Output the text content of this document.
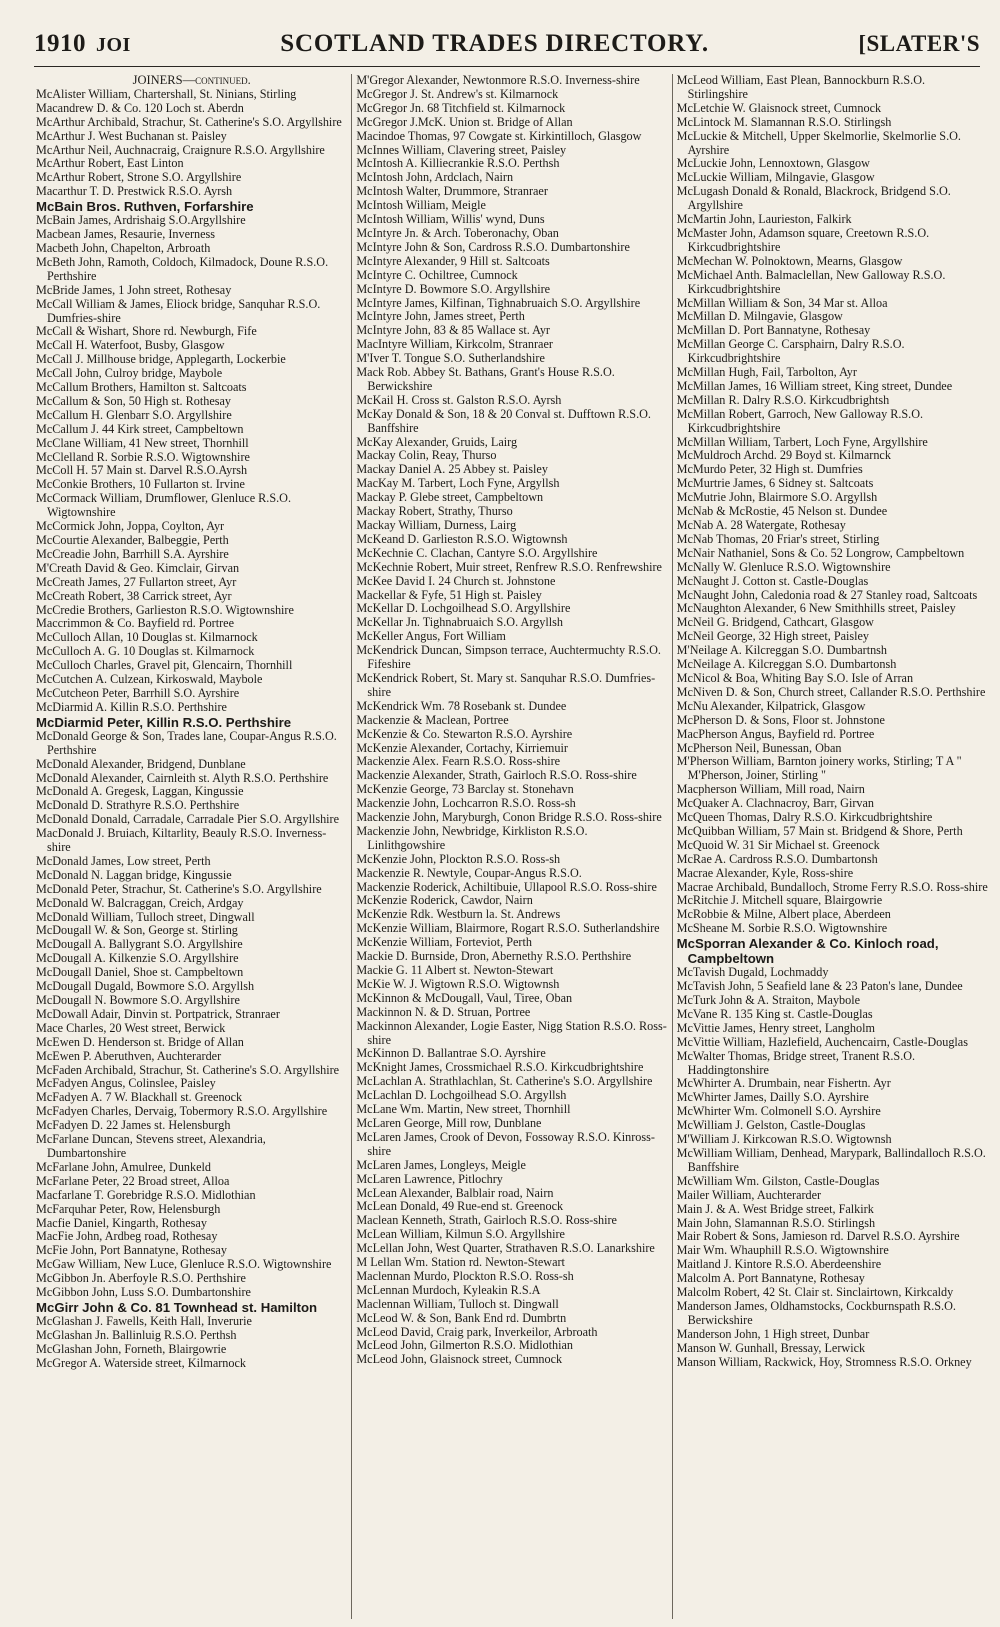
1910 JOI	SCOTLAND TRADES DIRECTORY.	[SLATER'S
JOINERS—continued.
McAlister William, Chartershall, St. Ninians, Stirling
Macandrew D. & Co. 120 Loch st. Aberdn
McArthur Archibald, Strachur, St. Catherine's S.O. Argyllshire
McArthur J. West Buchanan st. Paisley
McArthur Neil, Auchnacraig, Craignure R.S.O. Argyllshire
McArthur Robert, East Linton
McArthur Robert, Strone S.O. Argyllshire
Macarthur T. D. Prestwick R.S.O. Ayrsh
McBain Bros. Ruthven, Forfarshire
McBain James, Ardrishaig S.O.Argyllshire
Macbean James, Resaurie, Inverness
Macbeth John, Chapelton, Arbroath
McBeth John, Ramoth, Coldoch, Kilmadock, Doune R.S.O. Perthshire
McBride James, 1 John street, Rothesay
McCall William & James, Eliock bridge, Sanquhar R.S.O. Dumfries-shire
McCall & Wishart, Shore rd. Newburgh, Fife
McCall H. Waterfoot, Busby, Glasgow
McCall J. Millhouse bridge, Applegarth, Lockerbie
McCall John, Culroy bridge, Maybole
McCallum Brothers, Hamilton st. Saltcoats
McCallum & Son, 50 High st. Rothesay
McCallum H. Glenbarr S.O. Argyllshire
McCallum J. 44 Kirk street, Campbeltown
McClane William, 41 New street, Thornhill
McClelland R. Sorbie R.S.O. Wigtownshire
McColl H. 57 Main st. Darvel R.S.O.Ayrsh
McConkie Brothers, 10 Fullarton st. Irvine
McCormack William, Drumflower, Glenluce R.S.O. Wigtownshire
McCormick John, Joppa, Coylton, Ayr
McCourtie Alexander, Balbeggie, Perth
McCreadie John, Barrhill S.A. Ayrshire
M'Creath David & Geo. Kimclair, Girvan
McCreath James, 27 Fullarton street, Ayr
McCreath Robert, 38 Carrick street, Ayr
McCredie Brothers, Garlieston R.S.O. Wigtownshire
Maccrimmon & Co. Bayfield rd. Portree
McCulloch Allan, 10 Douglas st. Kilmarnock
McCulloch A. G. 10 Douglas st. Kilmarnock
McCulloch Charles, Gravel pit, Glencairn, Thornhill
McCutchen A. Culzean, Kirkoswald, Maybole
McCutcheon Peter, Barrhill S.O. Ayrshire
McDiarmid A. Killin R.S.O. Perthshire
McDiarmid Peter, Killin R.S.O. Perthshire
McDonald George & Son, Trades lane, Coupar-Angus R.S.O. Perthshire
McDonald Alexander, Bridgend, Dunblane
McDonald Alexander, Cairnleith st. Alyth R.S.O. Perthshire
McDonald A. Gregesk, Laggan, Kingussie
McDonald D. Strathyre R.S.O. Perthshire
McDonald Donald, Carradale, Carradale Pier S.O. Argyllshire
MacDonald J. Bruiach, Kiltarlity, Beauly R.S.O. Inverness-shire
McDonald James, Low street, Perth
McDonald N. Laggan bridge, Kingussie
McDonald Peter, Strachur, St. Catherine's S.O. Argyllshire
McDonald W. Balcraggan, Creich, Ardgay
McDonald William, Tulloch street, Dingwall
McDougall W. & Son, George st. Stirling
McDougall A. Ballygrant S.O. Argyllshire
McDougall A. Kilkenzie S.O. Argyllshire
McDougall Daniel, Shoe st. Campbeltown
McDougall Dugald, Bowmore S.O. Argyllsh
McDougall N. Bowmore S.O. Argyllshire
McDowall Adair, Dinvin st. Portpatrick, Stranraer
Mace Charles, 20 West street, Berwick
McEwen D. Henderson st. Bridge of Allan
McEwen P. Aberuthven, Auchterarder
McFaden Archibald, Strachur, St. Catherine's S.O. Argyllshire
McFadyen Angus, Colinslee, Paisley
McFadyen A. 7 W. Blackhall st. Greenock
McFadyen Charles, Dervaig, Tobermory R.S.O. Argyllshire
McFadyen D. 22 James st. Helensburgh
McFarlane Duncan, Stevens street, Alexandria, Dumbartonshire
McFarlane John, Amulree, Dunkeld
McFarlane Peter, 22 Broad street, Alloa
Macfarlane T. Gorebridge R.S.O. Midlothian
McFarquhar Peter, Row, Helensburgh
Macfie Daniel, Kingarth, Rothesay
MacFie John, Ardbeg road, Rothesay
McFie John, Port Bannatyne, Rothesay
McGaw William, New Luce, Glenluce R.S.O. Wigtownshire
McGibbon Jn. Aberfoyle R.S.O. Perthshire
McGibbon John, Luss S.O. Dumbartonshire
McGirr John & Co. 81 Townhead st. Hamilton
McGlashan J. Fawells, Keith Hall, Inverurie
McGlashan Jn. Ballinluig R.S.O. Perthsh
McGlashan John, Forneth, Blairgowrie
McGregor A. Waterside street, Kilmarnock
M'Gregor Alexander, Newtonmore R.S.O. Inverness-shire
McGregor J. St. Andrew's st. Kilmarnock
McGregor Jn. 68 Titchfield st. Kilmarnock
McGregor J.McK. Union st. Bridge of Allan
Macindoe Thomas, 97 Cowgate st. Kirkintilloch, Glasgow
McInnes William, Clavering street, Paisley
McIntosh A. Killiecrankie R.S.O. Perthsh
McIntosh John, Ardclach, Nairn
McIntosh Walter, Drummore, Stranraer
McIntosh William, Meigle
McIntosh William, Willis' wynd, Duns
McIntyre Jn. & Arch. Toberonachy, Oban
McIntyre John & Son, Cardross R.S.O. Dumbartonshire
McIntyre Alexander, 9 Hill st. Saltcoats
McIntyre C. Ochiltree, Cumnock
McIntyre D. Bowmore S.O. Argyllshire
McIntyre James, Kilfinan, Tighnabruaich S.O. Argyllshire
McIntyre John, James street, Perth
McIntyre John, 83 & 85 Wallace st. Ayr
MacIntyre William, Kirkcolm, Stranraer
M'Iver T. Tongue S.O. Sutherlandshire
Mack Rob. Abbey St. Bathans, Grant's House R.S.O. Berwickshire
McKail H. Cross st. Galston R.S.O. Ayrsh
McKay Donald & Son, 18 & 20 Conval st. Dufftown R.S.O. Banffshire
McKay Alexander, Gruids, Lairg
Mackay Colin, Reay, Thurso
Mackay Daniel A. 25 Abbey st. Paisley
MacKay M. Tarbert, Loch Fyne, Argyllsh
Mackay P. Glebe street, Campbeltown
Mackay Robert, Strathy, Thurso
Mackay William, Durness, Lairg
McKeand D. Garlieston R.S.O. Wigtownsh
McKechnie C. Clachan, Cantyre S.O. Argyllshire
McKechnie Robert, Muir street, Renfrew R.S.O. Renfrewshire
McKee David I. 24 Church st. Johnstone
Mackellar & Fyfe, 51 High st. Paisley
McKellar D. Lochgoilhead S.O. Argyllshire
McKellar Jn. Tighnabruaich S.O. Argyllsh
McKeller Angus, Fort William
McKendrick Duncan, Simpson terrace, Auchtermuchty R.S.O. Fifeshire
McKendrick Robert, St. Mary st. Sanquhar R.S.O. Dumfries-shire
McKendrick Wm. 78 Rosebank st. Dundee
Mackenzie & Maclean, Portree
McKenzie & Co. Stewarton R.S.O. Ayrshire
McKenzie Alexander, Cortachy, Kirriemuir
Mackenzie Alex. Fearn R.S.O. Ross-shire
Mackenzie Alexander, Strath, Gairloch R.S.O. Ross-shire
McKenzie George, 73 Barclay st. Stonehavn
Mackenzie John, Lochcarron R.S.O. Ross-sh
Mackenzie John, Maryburgh, Conon Bridge R.S.O. Ross-shire
Mackenzie John, Newbridge, Kirkliston R.S.O. Linlithgowshire
McKenzie John, Plockton R.S.O. Ross-sh
Mackenzie R. Newtyle, Coupar-Angus R.S.O.
Mackenzie Roderick, Achiltibuie, Ullapool R.S.O. Ross-shire
McKenzie Roderick, Cawdor, Nairn
McKenzie Rdk. Westburn la. St. Andrews
McKenzie William, Blairmore, Rogart R.S.O. Sutherlandshire
McKenzie William, Forteviot, Perth
Mackie D. Burnside, Dron, Abernethy R.S.O. Perthshire
Mackie G. 11 Albert st. Newton-Stewart
McKie W. J. Wigtown R.S.O. Wigtownsh
McKinnon & McDougall, Vaul, Tiree, Oban
Mackinnon N. & D. Struan, Portree
Mackinnon Alexander, Logie Easter, Nigg Station R.S.O. Ross-shire
McKinnon D. Ballantrae S.O. Ayrshire
McKnight James, Crossmichael R.S.O. Kirkcudbrightshire
McLachlan A. Strathlachlan, St. Catherine's S.O. Argyllshire
McLachlan D. Lochgoilhead S.O. Argyllsh
McLane Wm. Martin, New street, Thornhill
McLaren George, Mill row, Dunblane
McLaren James, Crook of Devon, Fossoway R.S.O. Kinross-shire
McLaren James, Longleys, Meigle
McLaren Lawrence, Pitlochry
McLean Alexander, Balblair road, Nairn
McLean Donald, 49 Rue-end st. Greenock
Maclean Kenneth, Strath, Gairloch R.S.O. Ross-shire
McLean William, Kilmun S.O. Argyllshire
McLellan John, West Quarter, Strathaven R.S.O. Lanarkshire
M Lellan Wm. Station rd. Newton-Stewart
Maclennan Murdo, Plockton R.S.O. Ross-sh
McLennan Murdoch, Kyleakin R.S.A
Maclennan William, Tulloch st. Dingwall
McLeod W. & Son, Bank End rd. Dumbrtn
McLeod David, Craig park, Inverkeilor, Arbroath
McLeod John, Gilmerton R.S.O. Midlothian
McLeod John, Glaisnock street, Cumnock
McLeod William, East Plean, Bannockburn R.S.O. Stirlingshire
McLetchie W. Glaisnock street, Cumnock
McLintock M. Slamannan R.S.O. Stirlingsh
McLuckie & Mitchell, Upper Skelmorlie, Skelmorlie S.O. Ayrshire
McLuckie John, Lennoxtown, Glasgow
McLuckie William, Milngavie, Glasgow
McLugash Donald & Ronald, Blackrock, Bridgend S.O. Argyllshire
McMartin John, Laurieston, Falkirk
McMaster John, Adamson square, Creetown R.S.O. Kirkcudbrightshire
McMechan W. Polnoktown, Mearns, Glasgow
McMichael Anth. Balmaclellan, New Galloway R.S.O. Kirkcudbrightshire
McMillan William & Son, 34 Mar st. Alloa
McMillan D. Milngavie, Glasgow
McMillan D. Port Bannatyne, Rothesay
McMillan George C. Carsphairn, Dalry R.S.O. Kirkcudbrightshire
McMillan Hugh, Fail, Tarbolton, Ayr
McMillan James, 16 William street, King street, Dundee
McMillan R. Dalry R.S.O. Kirkcudbrightsh
McMillan Robert, Garroch, New Galloway R.S.O. Kirkcudbrightshire
McMillan William, Tarbert, Loch Fyne, Argyllshire
McMuldroch Archd. 29 Boyd st. Kilmarnck
McMurdo Peter, 32 High st. Dumfries
McMurtrie James, 6 Sidney st. Saltcoats
McMutrie John, Blairmore S.O. Argyllsh
McNab & McRostie, 45 Nelson st. Dundee
McNab A. 28 Watergate, Rothesay
McNab Thomas, 20 Friar's street, Stirling
McNair Nathaniel, Sons & Co. 52 Longrow, Campbeltown
McNally W. Glenluce R.S.O. Wigtownshire
McNaught J. Cotton st. Castle-Douglas
McNaught John, Caledonia road & 27 Stanley road, Saltcoats
McNaughton Alexander, 6 New Smithhills street, Paisley
McNeil G. Bridgend, Cathcart, Glasgow
McNeil George, 32 High street, Paisley
M'Neilage A. Kilcreggan S.O. Dumbartnsh
McNeilage A. Kilcreggan S.O. Dumbartonsh
McNicol & Boa, Whiting Bay S.O. Isle of Arran
McNiven D. & Son, Church street, Callander R.S.O. Perthshire
McNu Alexander, Kilpatrick, Glasgow
McPherson D. & Sons, Floor st. Johnstone
MacPherson Angus, Bayfield rd. Portree
McPherson Neil, Bunessan, Oban
M'Pherson William, Barnton joinery works, Stirling; T A " M'Pherson, Joiner, Stirling "
Macpherson William, Mill road, Nairn
McQuaker A. Clachnacroy, Barr, Girvan
McQueen Thomas, Dalry R.S.O. Kirkcudbrightshire
McQuibban William, 57 Main st. Bridgend & Shore, Perth
McQuoid W. 31 Sir Michael st. Greenock
McRae A. Cardross R.S.O. Dumbartonsh
Macrae Alexander, Kyle, Ross-shire
Macrae Archibald, Bundalloch, Strome Ferry R.S.O. Ross-shire
McRitchie J. Mitchell square, Blairgowrie
McRobbie & Milne, Albert place, Aberdeen
McSheane M. Sorbie R.S.O. Wigtownshire
McSporran Alexander & Co. Kinloch road, Campbeltown
McTavish Dugald, Lochmaddy
McTavish John, 5 Seafield lane & 23 Paton's lane, Dundee
McTurk John & A. Straiton, Maybole
McVane R. 135 King st. Castle-Douglas
McVittie James, Henry street, Langholm
McVittie William, Hazlefield, Auchencairn, Castle-Douglas
McWalter Thomas, Bridge street, Tranent R.S.O. Haddingtonshire
McWhirter A. Drumbain, near Fishertn. Ayr
McWhirter James, Dailly S.O. Ayrshire
McWhirter Wm. Colmonell S.O. Ayrshire
McWilliam J. Gelston, Castle-Douglas
M'William J. Kirkcowan R.S.O. Wigtownsh
McWilliam William, Denhead, Marypark, Ballindalloch R.S.O. Banffshire
McWilliam Wm. Gilston, Castle-Douglas
Mailer William, Auchterarder
Main J. & A. West Bridge street, Falkirk
Main John, Slamannan R.S.O. Stirlingsh
Mair Robert & Sons, Jamieson rd. Darvel R.S.O. Ayrshire
Mair Wm. Whauphill R.S.O. Wigtownshire
Maitland J. Kintore R.S.O. Aberdeenshire
Malcolm A. Port Bannatyne, Rothesay
Malcolm Robert, 42 St. Clair st. Sinclairtown, Kirkcaldy
Manderson James, Oldhamstocks, Cockburnspath R.S.O. Berwickshire
Manderson John, 1 High street, Dunbar
Manson W. Gunhall, Bressay, Lerwick
Manson William, Rackwick, Hoy, Stromness R.S.O. Orkney
